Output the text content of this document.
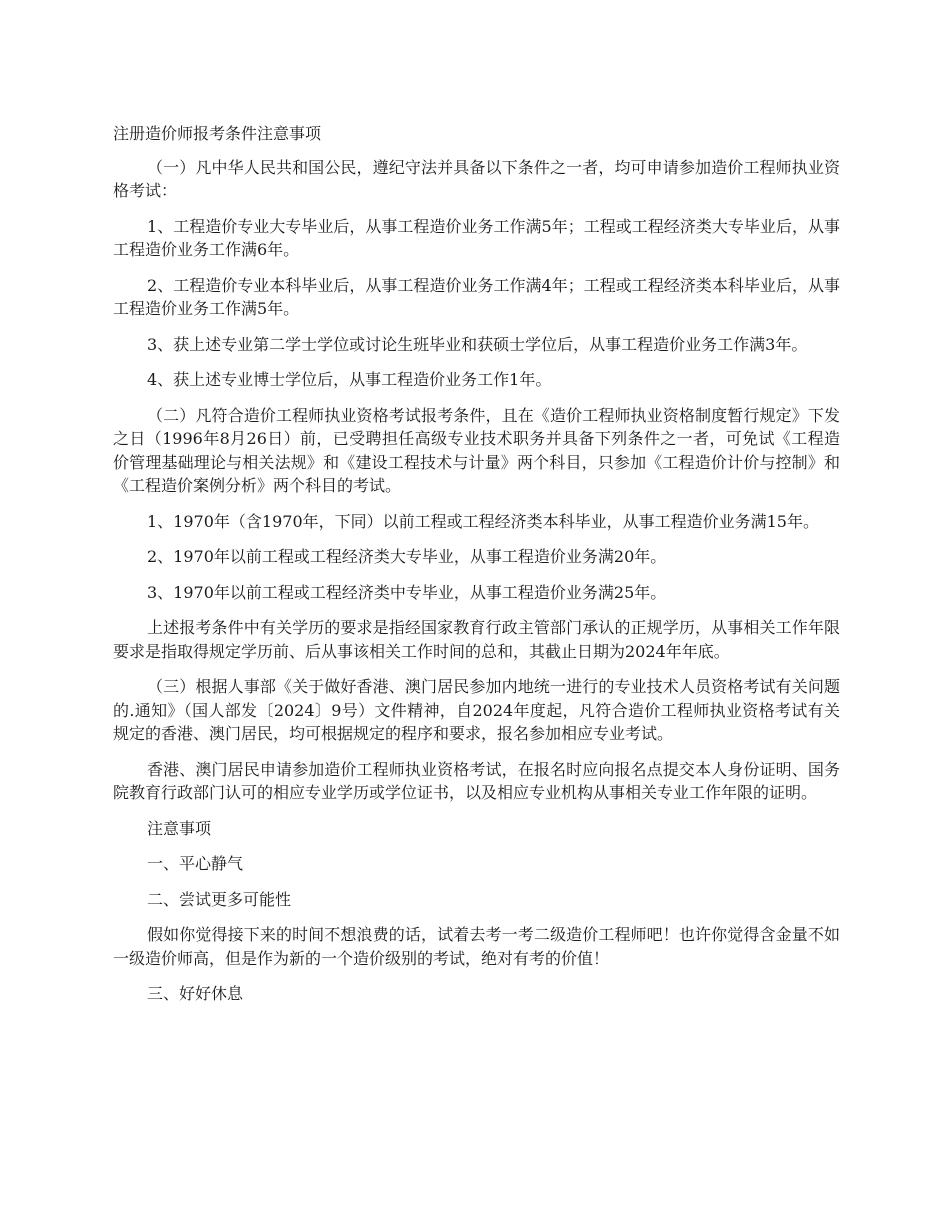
注册造价师报考条件注意事项

（一）凡中华人民共和国公民，遵纪守法并具备以下条件之一者，均可申请参加造价工程师执业资格考试：

1、工程造价专业大专毕业后，从事工程造价业务工作满5年；工程或工程经济类大专毕业后，从事工程造价业务工作满6年。

2、工程造价专业本科毕业后，从事工程造价业务工作满4年；工程或工程经济类本科毕业后，从事工程造价业务工作满5年。

3、获上述专业第二学士学位或讨论生班毕业和获硕士学位后，从事工程造价业务工作满3年。

4、获上述专业博士学位后，从事工程造价业务工作1年。

（二）凡符合造价工程师执业资格考试报考条件，且在《造价工程师执业资格制度暂行规定》下发之日（1996年8月26日）前，已受聘担任高级专业技术职务并具备下列条件之一者，可免试《工程造价管理基础理论与相关法规》和《建设工程技术与计量》两个科目，只参加《工程造价计价与控制》和《工程造价案例分析》两个科目的考试。

1、1970年（含1970年，下同）以前工程或工程经济类本科毕业，从事工程造价业务满15年。

2、1970年以前工程或工程经济类大专毕业，从事工程造价业务满20年。

3、1970年以前工程或工程经济类中专毕业，从事工程造价业务满25年。

上述报考条件中有关学历的要求是指经国家教育行政主管部门承认的正规学历，从事相关工作年限要求是指取得规定学历前、后从事该相关工作时间的总和，其截止日期为2024年年底。

（三）根据人事部《关于做好香港、澳门居民参加内地统一进行的专业技术人员资格考试有关问题的.通知》（国人部发〔2024〕9号）文件精神，自2024年度起，凡符合造价工程师执业资格考试有关规定的香港、澳门居民，均可根据规定的程序和要求，报名参加相应专业考试。

香港、澳门居民申请参加造价工程师执业资格考试，在报名时应向报名点提交本人身份证明、国务院教育行政部门认可的相应专业学历或学位证书，以及相应专业机构从事相关专业工作年限的证明。

注意事项

一、平心静气

二、尝试更多可能性

假如你觉得接下来的时间不想浪费的话，试着去考一考二级造价工程师吧！也许你觉得含金量不如一级造价师高，但是作为新的一个造价级别的考试，绝对有考的价值！

三、好好休息
